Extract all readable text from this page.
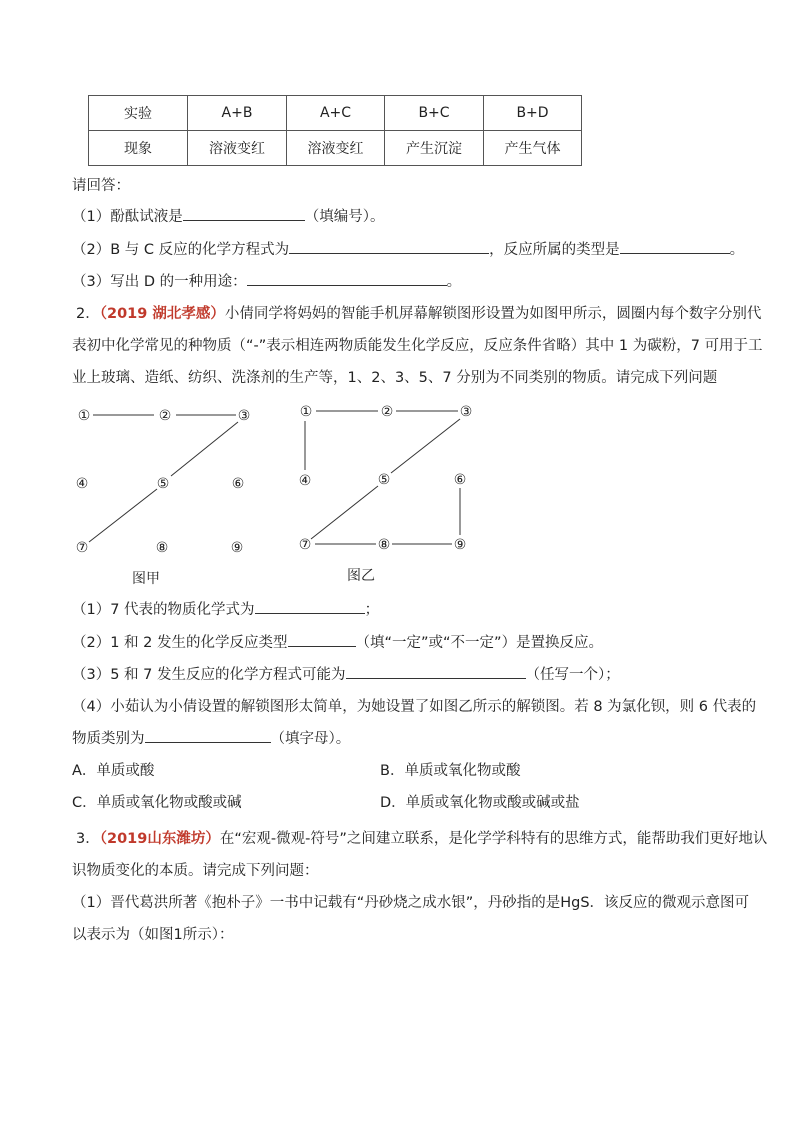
实验	A+B	A+C	B+C	B+D
现象	溶液变红	溶液变红	产生沉淀	产生气体
请回答：
（1）酚酞试液是	（填编号）。
（2）B 与 C 反应的化学方程式为	，反应所属的类型是	。
（3）写出 D 的一种用途：	。
2．（2019 湖北孝感）小倩同学将妈妈的智能手机屏幕解锁图形设置为如图甲所示，圆圈内每个数字分别代
表初中化学常见的种物质（“-”表示相连两物质能发生化学反应，反应条件省略）其中 1 为碳粉，7 可用于工
业上玻璃、造纸、纺织、洗涤剂的生产等，1、2、3、5、7 分别为不同类别的物质。请完成下列问题
①	②	③
④	⑤	⑥
⑦	⑧	⑨
①	②	③
④	⑤	⑥
⑦	⑧	⑨
图甲	图乙
（1）7 代表的物质化学式为	；
（2）1 和 2 发生的化学反应类型	（填“一定”或“不一定”）是置换反应。
（3）5 和 7 发生反应的化学方程式可能为	（任写一个）；
（4）小茹认为小倩设置的解锁图形太简单，为她设置了如图乙所示的解锁图。若 8 为氯化钡，则 6 代表的
物质类别为	（填字母）。
A．单质或酸	B．单质或氧化物或酸
C．单质或氧化物或酸或碱	D．单质或氧化物或酸或碱或盐
3．（2019山东潍坊）在“宏观-微观-符号”之间建立联系，是化学学科特有的思维方式，能帮助我们更好地认
识物质变化的本质。请完成下列问题：
（1）晋代葛洪所著《抱朴子》一书中记载有“丹砂烧之成水银”，丹砂指的是HgS．该反应的微观示意图可
以表示为（如图1所示）：
